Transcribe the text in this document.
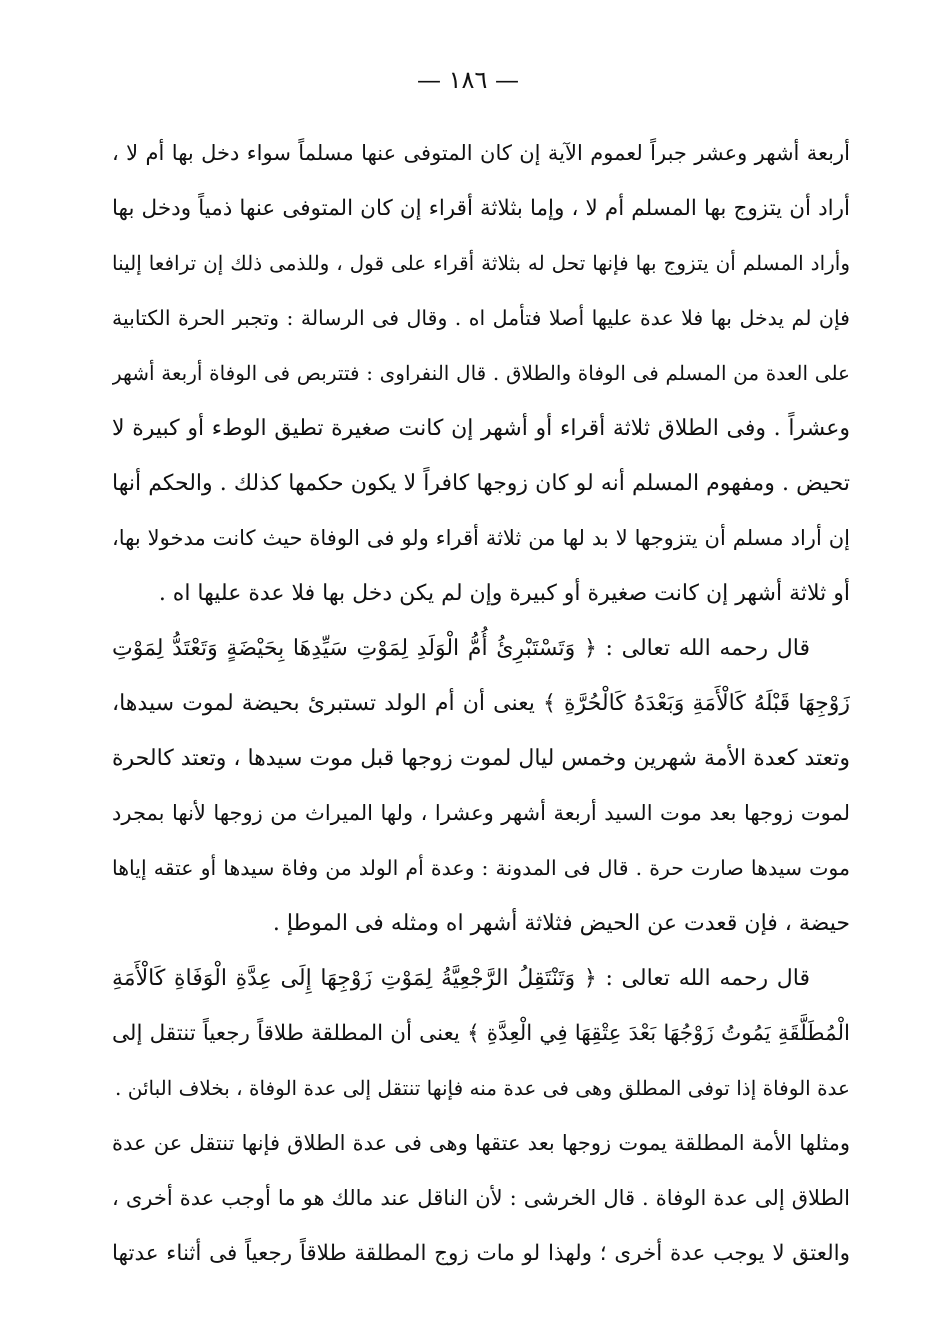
— ١٨٦ —
أربعة أشهر وعشر جبراً لعموم الآية إن كان المتوفى عنها مسلماً سواء دخل بها أم لا ،
أراد أن يتزوج بها المسلم أم لا ، وإما بثلاثة أقراء إن كان المتوفى عنها ذمياً ودخل بها
وأراد المسلم أن يتزوج بها فإنها تحل له بثلاثة أقراء على قول ، وللذمى ذلك إن ترافعا إلينا
فإن لم يدخل بها فلا عدة عليها أصلا فتأمل اه . وقال فى الرسالة : وتجبر الحرة الكتابية
على العدة من المسلم فى الوفاة والطلاق . قال النفراوى : فتتربص فى الوفاة أربعة أشهر
وعشراً . وفى الطلاق ثلاثة أقراء أو أشهر إن كانت صغيرة تطيق الوطء أو كبيرة لا
تحيض . ومفهوم المسلم أنه لو كان زوجها كافراً لا يكون حكمها كذلك . والحكم أنها
إن أراد مسلم أن يتزوجها لا بد لها من ثلاثة أقراء ولو فى الوفاة حيث كانت مدخولا بها،
أو ثلاثة أشهر إن كانت صغيرة أو كبيرة وإن لم يكن دخل بها فلا عدة عليها اه .
قال رحمه الله تعالى : ﴿ وَتَسْتَبْرِئُ أُمُّ الْوَلَدِ لِمَوْتِ سَيِّدِهَا بِحَيْضَةٍ وَتَعْتَدُّ لِمَوْتِ
زَوْجِهَا قَبْلَهُ كَالْأَمَةِ وَبَعْدَهُ كَالْحُرَّةِ ﴾ يعنى أن أم الولد تستبرئ بحيضة لموت سيدها،
وتعتد كعدة الأمة شهرين وخمس ليال لموت زوجها قبل موت سيدها ، وتعتد كالحرة
لموت زوجها بعد موت السيد أربعة أشهر وعشرا ، ولها الميراث من زوجها لأنها بمجرد
موت سيدها صارت حرة . قال فى المدونة : وعدة أم الولد من وفاة سيدها أو عتقه إياها
حيضة ، فإن قعدت عن الحيض فثلاثة أشهر اه ومثله فى الموطإ .
قال رحمه الله تعالى : ﴿ وَتَنْتَقِلُ الرَّجْعِيَّةُ لِمَوْتِ زَوْجِهَا إِلَى عِدَّةِ الْوَفَاةِ كَالْأَمَةِ
الْمُطَلَّقَةِ يَمُوتُ زَوْجُهَا بَعْدَ عِتْقِهَا فِي الْعِدَّةِ ﴾ يعنى أن المطلقة طلاقاً رجعياً تنتقل إلى
عدة الوفاة إذا توفى المطلق وهى فى عدة منه فإنها تنتقل إلى عدة الوفاة ، بخلاف البائن .
ومثلها الأمة المطلقة يموت زوجها بعد عتقها وهى فى عدة الطلاق فإنها تنتقل عن عدة
الطلاق إلى عدة الوفاة . قال الخرشى : لأن الناقل عند مالك هو ما أوجب عدة أخرى ،
والعتق لا يوجب عدة أخرى ؛ ولهذا لو مات زوج المطلقة طلاقاً رجعياً فى أثناء عدتها
